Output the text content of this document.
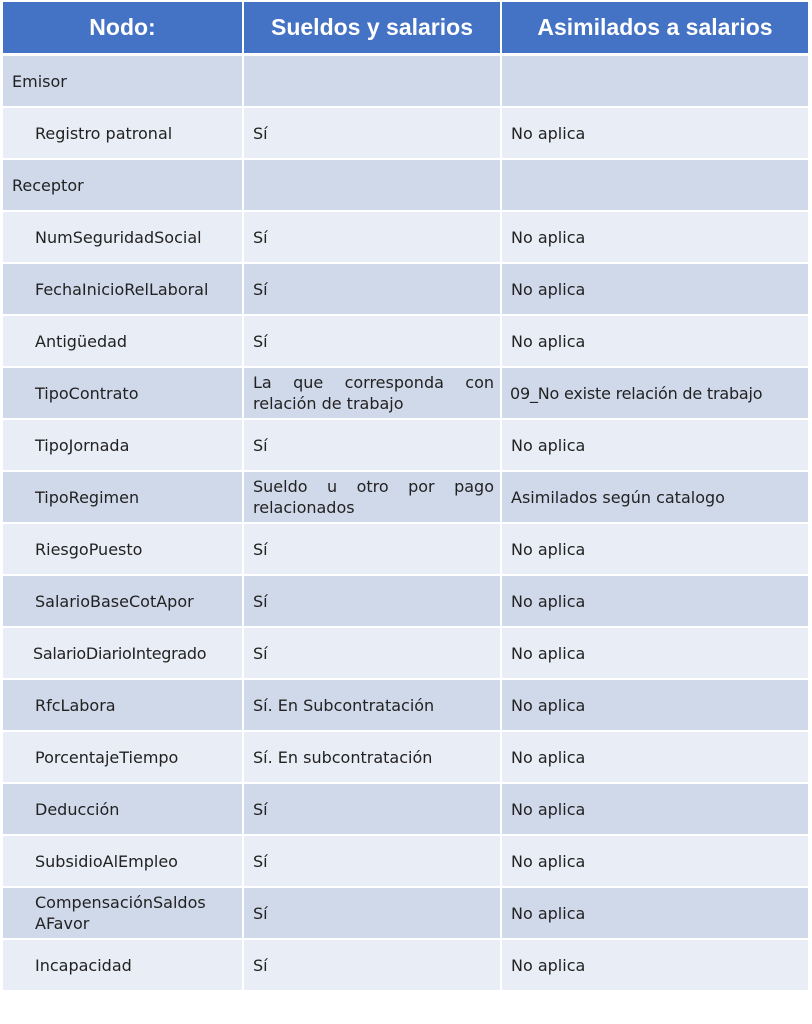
Nodo:	Sueldos y salarios	Asimilados a salarios
Emisor		
Registro patronal	Sí	No aplica
Receptor		
NumSeguridadSocial	Sí	No aplica
FechaInicioRelLaboral	Sí	No aplica
Antigüedad	Sí	No aplica
TipoContrato	La que corresponda con relación de trabajo	09_No existe relación de trabajo
TipoJornada	Sí	No aplica
TipoRegimen	Sueldo u otro por pago relacionados	Asimilados según catalogo
RiesgoPuesto	Sí	No aplica
SalarioBaseCotApor	Sí	No aplica
SalarioDiarioIntegrado	Sí	No aplica
RfcLabora	Sí. En Subcontratación	No aplica
PorcentajeTiempo	Sí. En subcontratación	No aplica
Deducción	Sí	No aplica
SubsidioAlEmpleo	Sí	No aplica
CompensaciónSaldos AFavor	Sí	No aplica
Incapacidad	Sí	No aplica
